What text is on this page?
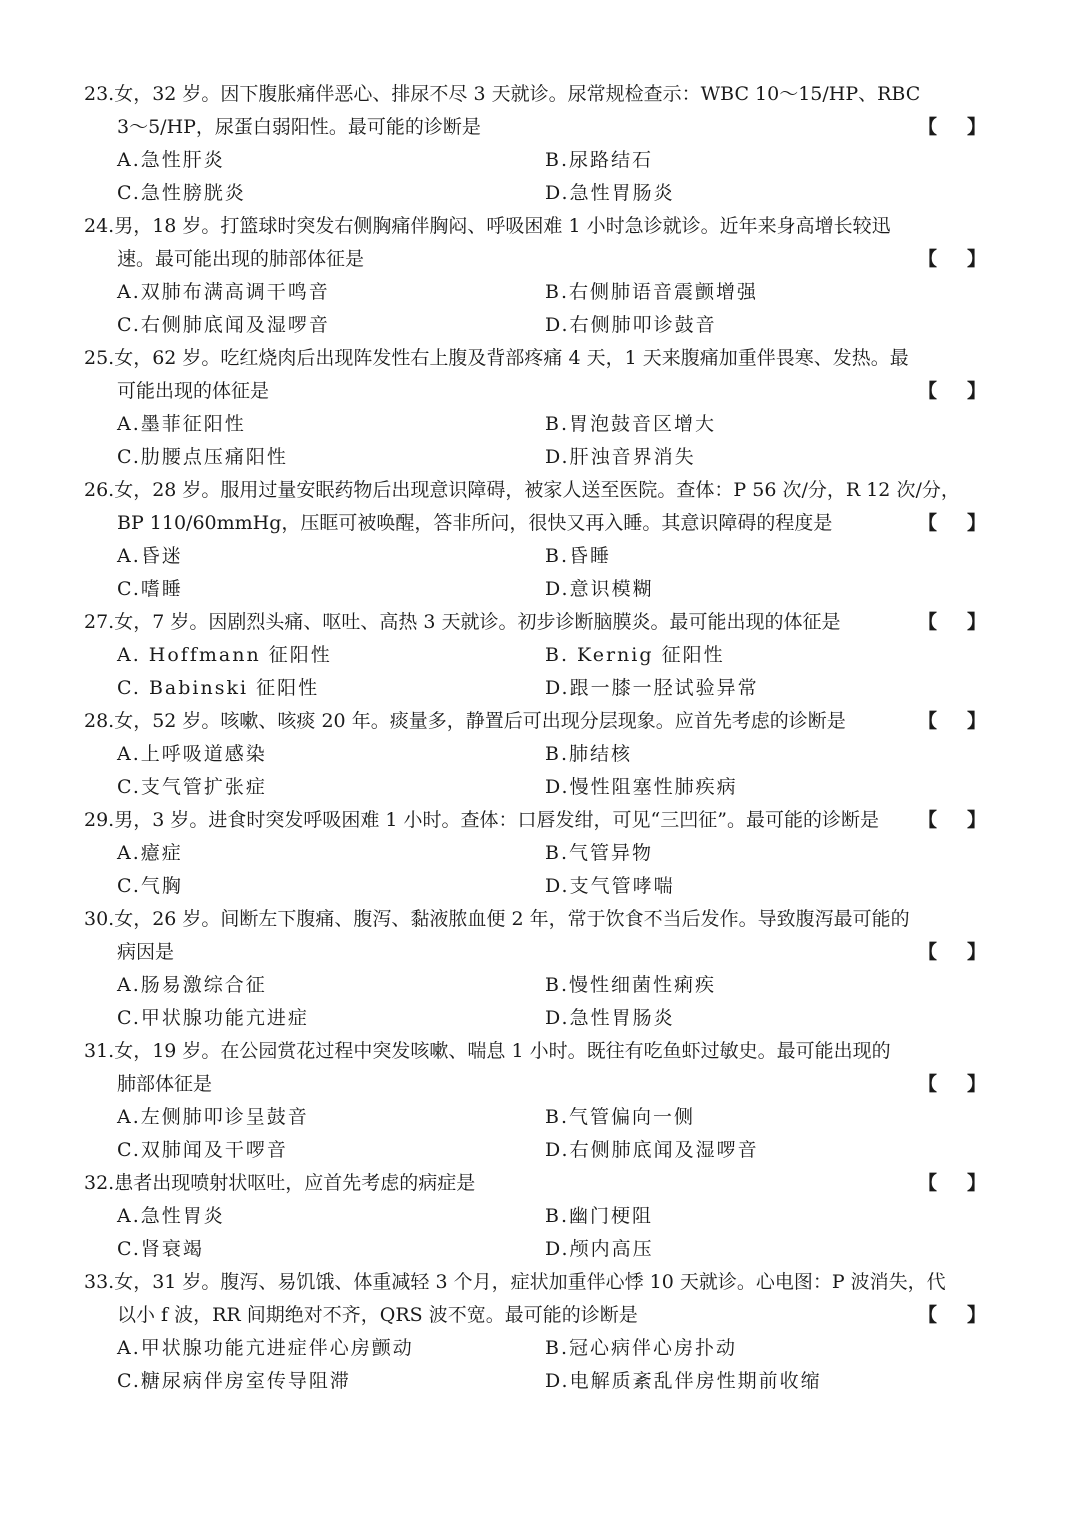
23.女，32 岁。因下腹胀痛伴恶心、排尿不尽 3 天就诊。尿常规检查示：WBC 10～15/HP、RBC
3～5/HP，尿蛋白弱阳性。最可能的诊断是	【 】
A.急性肝炎	B.尿路结石
C.急性膀胱炎	D.急性胃肠炎
24.男，18 岁。打篮球时突发右侧胸痛伴胸闷、呼吸困难 1 小时急诊就诊。近年来身高增长较迅
速。最可能出现的肺部体征是	【 】
A.双肺布满高调干鸣音	B.右侧肺语音震颤增强
C.右侧肺底闻及湿啰音	D.右侧肺叩诊鼓音
25.女，62 岁。吃红烧肉后出现阵发性右上腹及背部疼痛 4 天，1 天来腹痛加重伴畏寒、发热。最
可能出现的体征是	【 】
A.墨菲征阳性	B.胃泡鼓音区增大
C.肋腰点压痛阳性	D.肝浊音界消失
26.女，28 岁。服用过量安眠药物后出现意识障碍，被家人送至医院。查体：P 56 次/分，R 12 次/分，
BP 110/60mmHg，压眶可被唤醒，答非所问，很快又再入睡。其意识障碍的程度是	【 】
A.昏迷	B.昏睡
C.嗜睡	D.意识模糊
27.女，7 岁。因剧烈头痛、呕吐、高热 3 天就诊。初步诊断脑膜炎。最可能出现的体征是	【 】
A. Hoffmann 征阳性	B. Kernig 征阳性
C. Babinski 征阳性	D.跟一膝一胫试验异常
28.女，52 岁。咳嗽、咳痰 20 年。痰量多，静置后可出现分层现象。应首先考虑的诊断是	【 】
A.上呼吸道感染	B.肺结核
C.支气管扩张症	D.慢性阻塞性肺疾病
29.男，3 岁。进食时突发呼吸困难 1 小时。查体：口唇发绀，可见“三凹征”。最可能的诊断是 【 】
A.癔症	B.气管异物
C.气胸	D.支气管哮喘
30.女，26 岁。间断左下腹痛、腹泻、黏液脓血便 2 年，常于饮食不当后发作。导致腹泻最可能的
病因是	【 】
A.肠易激综合征	B.慢性细菌性痢疾
C.甲状腺功能亢进症	D.急性胃肠炎
31.女，19 岁。在公园赏花过程中突发咳嗽、喘息 1 小时。既往有吃鱼虾过敏史。最可能出现的
肺部体征是	【 】
A.左侧肺叩诊呈鼓音	B.气管偏向一侧
C.双肺闻及干啰音	D.右侧肺底闻及湿啰音
32.患者出现喷射状呕吐，应首先考虑的病症是	【 】
A.急性胃炎	B.幽门梗阻
C.肾衰竭	D.颅内高压
33.女，31 岁。腹泻、易饥饿、体重减轻 3 个月，症状加重伴心悸 10 天就诊。心电图：P 波消失，代
以小 f 波，RR 间期绝对不齐，QRS 波不宽。最可能的诊断是	【 】
A.甲状腺功能亢进症伴心房颤动	B.冠心病伴心房扑动
C.糖尿病伴房室传导阻滞	D.电解质紊乱伴房性期前收缩
